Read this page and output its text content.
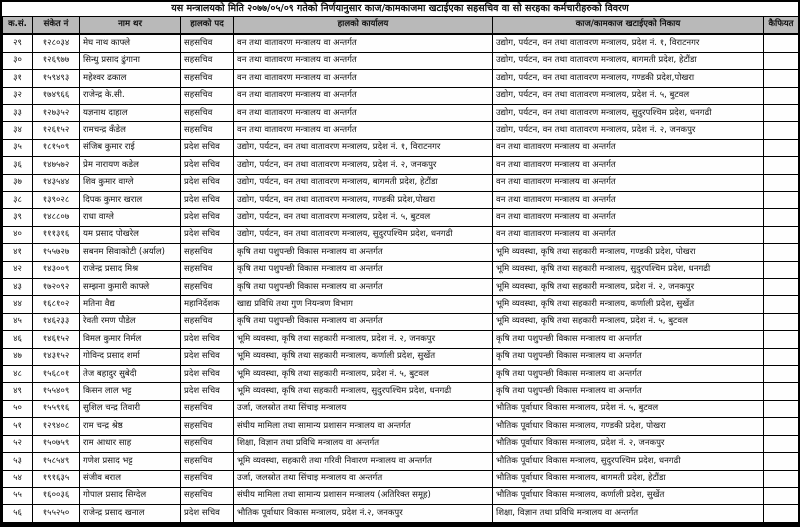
यस मन्त्रालयको मिति २०७७/०५/०९ गतेको निर्णयानुसार काज/कामकाजमा खटाईएका सहसचिव वा सो सरहका कर्मचारीहरुको विवरण
क.सं.	संकेत नं	नाम थर	हालको पद	हालको कार्यालय	काज/कामकाज खटाईएको निकाय	कैफियत
२९	१२८०३४	मेघ नाथ काफ्ले	सहसचिव	वन तथा वातावरण मन्त्रालय वा अन्तर्गत	उद्योग, पर्यटन, वन तथा वातावरण मन्त्रालय, प्रदेश नं. १, विराटनगर	
३०	१२६९७७	सिन्धु प्रसाद ढुंगाना	सहसचिव	वन तथा वातावरण मन्त्रालय वा अन्तर्गत	उद्योग, पर्यटन, वन तथा वातावरण मन्त्रालय, बागमती प्रदेश, हेटौंडा	
३१	१५९४९३	महेश्वर ढकाल	सहसचिव	वन तथा वातावरण मन्त्रालय वा अन्तर्गत	उद्योग, पर्यटन, वन तथा वातावरण मन्त्रालय, गण्डकी प्रदेश,पोखरा	
३२	१७४९६६	राजेन्द्र के.सी.	सहसचिव	वन तथा वातावरण मन्त्रालय वा अन्तर्गत	उद्योग, पर्यटन, वन तथा वातावरण मन्त्रालय, प्रदेश नं. ५, बुटवल	
३३	१२७३५२	यज्ञनाथ दाहाल	सहसचिव	वन तथा वातावरण मन्त्रालय वा अन्तर्गत	उद्योग, पर्यटन, वन तथा वातावरण मन्त्रालय, सुदुरपश्चिम प्रदेश, धनगढी	
३४	१२६१५२	रामचन्द्र कँडेल	सहसचिव	वन तथा वातावरण मन्त्रालय वा अन्तर्गत	उद्योग, पर्यटन, वन तथा वातावरण मन्त्रालय, प्रदेश नं. २, जनकपुर	
३५	१८१५०९	संजिब कुमार राई	प्रदेश सचिव	उद्योग, पर्यटन, वन तथा वातावरण मन्त्रालय, प्रदेश नं. १, विराटनगर	वन तथा वातावरण मन्त्रालय वा अन्तर्गत	
३६	१४७५७२	प्रेम नारायण कडेल	प्रदेश सचिव	उद्योग, पर्यटन, वन तथा वातावरण मन्त्रालय, प्रदेश नं. २, जनकपुर	वन तथा वातावरण मन्त्रालय वा अन्तर्गत	
३७	१४३५४४	शिव कुमार वाग्ले	प्रदेश सचिव	उद्योग, पर्यटन, वन तथा वातावरण मन्त्रालय, बागमती प्रदेश, हेटौंडा	वन तथा वातावरण मन्त्रालय वा अन्तर्गत	
३८	१३९०२८	दिपक कुमार खराल	प्रदेश सचिव	उद्योग, पर्यटन, वन तथा वातावरण मन्त्रालय, गण्डकी प्रदेश,पोखरा	वन तथा वातावरण मन्त्रालय वा अन्तर्गत	
३९	१४८८०७	राधा वाग्ले	प्रदेश सचिव	उद्योग, पर्यटन, वन तथा वातावरण मन्त्रालय, प्रदेश नं. ५, बुटवल	वन तथा वातावरण मन्त्रालय वा अन्तर्गत	
४०	१११३१६	यम प्रसाद पोखरेल	प्रदेश सचिव	उद्योग, पर्यटन, वन तथा वातावरण मन्त्रालय, सुदुरपश्चिम प्रदेश, धनगढी	वन तथा वातावरण मन्त्रालय वा अन्तर्गत	
४१	१५५७२७	सबनम सिवाकोटी (अर्याल)	सहसचिव	कृषि तथा पशुपन्छी विकास मन्त्रालय वा अन्तर्गत	भूमि व्यवस्था, कृषि तथा सहकारी मन्त्रालय, गण्डकी प्रदेश, पोखरा	
४२	१४३००९	राजेन्द्र प्रसाद मिश्र	सहसचिव	कृषि तथा पशुपन्छी विकास मन्त्रालय वा अन्तर्गत	भूमि व्यवस्था, कृषि तथा सहकारी मन्त्रालय, सुदुरपश्चिम प्रदेश, धनगढी	
४३	१७२०९२	सम्झना कुमारी काफ्ले	सहसचिव	कृषि तथा पशुपन्छी विकास मन्त्रालय वा अन्तर्गत	भूमि व्यवस्था, कृषि तथा सहकारी मन्त्रालय, प्रदेश नं. २, जनकपुर	
४४	१६८१०२	मतिना वैद्य	महानिर्देशक	खाद्य प्रविधि तथा गुण नियन्त्रण विभाग	भूमि व्यवस्था, कृषि तथा सहकारी मन्त्रालय, कर्णाली प्रदेश, सुर्खेत	
४५	१४६२३३	रेवती रमण पौडेल	सहसचिव	कृषि तथा पशुपन्छी विकास मन्त्रालय वा अन्तर्गत	भूमि व्यवस्था, कृषि तथा सहकारी मन्त्रालय, प्रदेश नं. ५, बुटवल	
४६	१४६१५२	विमल कुमार निर्मल	प्रदेश सचिव	भूमि व्यवस्था, कृषि तथा सहकारी मन्त्रालय, प्रदेश नं. २, जनकपुर	कृषि तथा पशुपन्छी विकास मन्त्रालय वा अन्तर्गत	
४७	१४३१५२	गोविन्द प्रसाद शर्मा	प्रदेश सचिव	भूमि व्यवस्था, कृषि तथा सहकारी मन्त्रालय, कर्णाली प्रदेश, सुर्खेत	कृषि तथा पशुपन्छी विकास मन्त्रालय वा अन्तर्गत	
४८	१५६८०१	तेज बहादुर सुबेदी	प्रदेश सचिव	भूमि व्यवस्था, कृषि तथा सहकारी मन्त्रालय, प्रदेश नं. ५, बुटवल	कृषि तथा पशुपन्छी विकास मन्त्रालय वा अन्तर्गत	
४९	१५५४०९	किसन लाल भट्ट	प्रदेश सचिव	भूमि व्यवस्था, कृषि तथा सहकारी मन्त्रालय, सुदुरपश्चिम प्रदेश, धनगढी	कृषि तथा पशुपन्छी विकास मन्त्रालय वा अन्तर्गत	
५०	१५५९१६	सुशिल चन्द्र तिवारी	सहसचिव	उर्जा, जलस्रोत तथा सिंचाइ मन्त्रालय	भौतिक पूर्वाधार विकास मन्त्रालय, प्रदेश नं. ५, बुटवल	
५१	१२९४०८	राम चन्द्र श्रेष्ठ	सहसचिव	संघीय मामिला तथा सामान्य प्रशासन मन्त्रालय वा अन्तर्गत	भौतिक पूर्वाधार विकास मन्त्रालय, गण्डकी प्रदेश, पोखरा	
५२	१५०७५९	राम आधार साह	सहसचिव	शिक्षा, विज्ञान तथा प्रविधि मन्त्रालय वा अन्तर्गत	भौतिक पूर्वाधार विकास मन्त्रालय, प्रदेश नं. २, जनकपुर	
५३	१५८५४९	गणेश प्रसाद भट्ट	सहसचिव	भूमि व्यवस्था, सहकारी तथा गरिवी निवारण मन्त्रालय वा अन्तर्गत	भौतिक पूर्वाधार विकास मन्त्रालय, सुदुरपश्चिम प्रदेश, धनगढी	
५४	१९१६३५	संजीव बराल	सहसचिव	उर्जा, जलस्रोत तथा सिंचाइ मन्त्रालय वा अन्तर्गत	भौतिक पूर्वाधार विकास मन्त्रालय, बागमती प्रदेश, हेटौंडा	
५५	१६००३६	गोपाल प्रसाद सिग्देल	सहसचिव	संघीय मामिला तथा सामान्य प्रशासन मन्त्रालय (अतिरिक्त समूह)	भौतिक पूर्वाधार विकास मन्त्रालय, कर्णाली प्रदेश, सुर्खेत	
५६	१५५२५०	राजेन्द्र प्रसाद खनाल	प्रदेश सचिव	भौतिक पूर्वाधार विकास मन्त्रालय, प्रदेश नं.२, जनकपुर	शिक्षा, विज्ञान तथा प्रविधि मन्त्रालय वा अन्तर्गत	
